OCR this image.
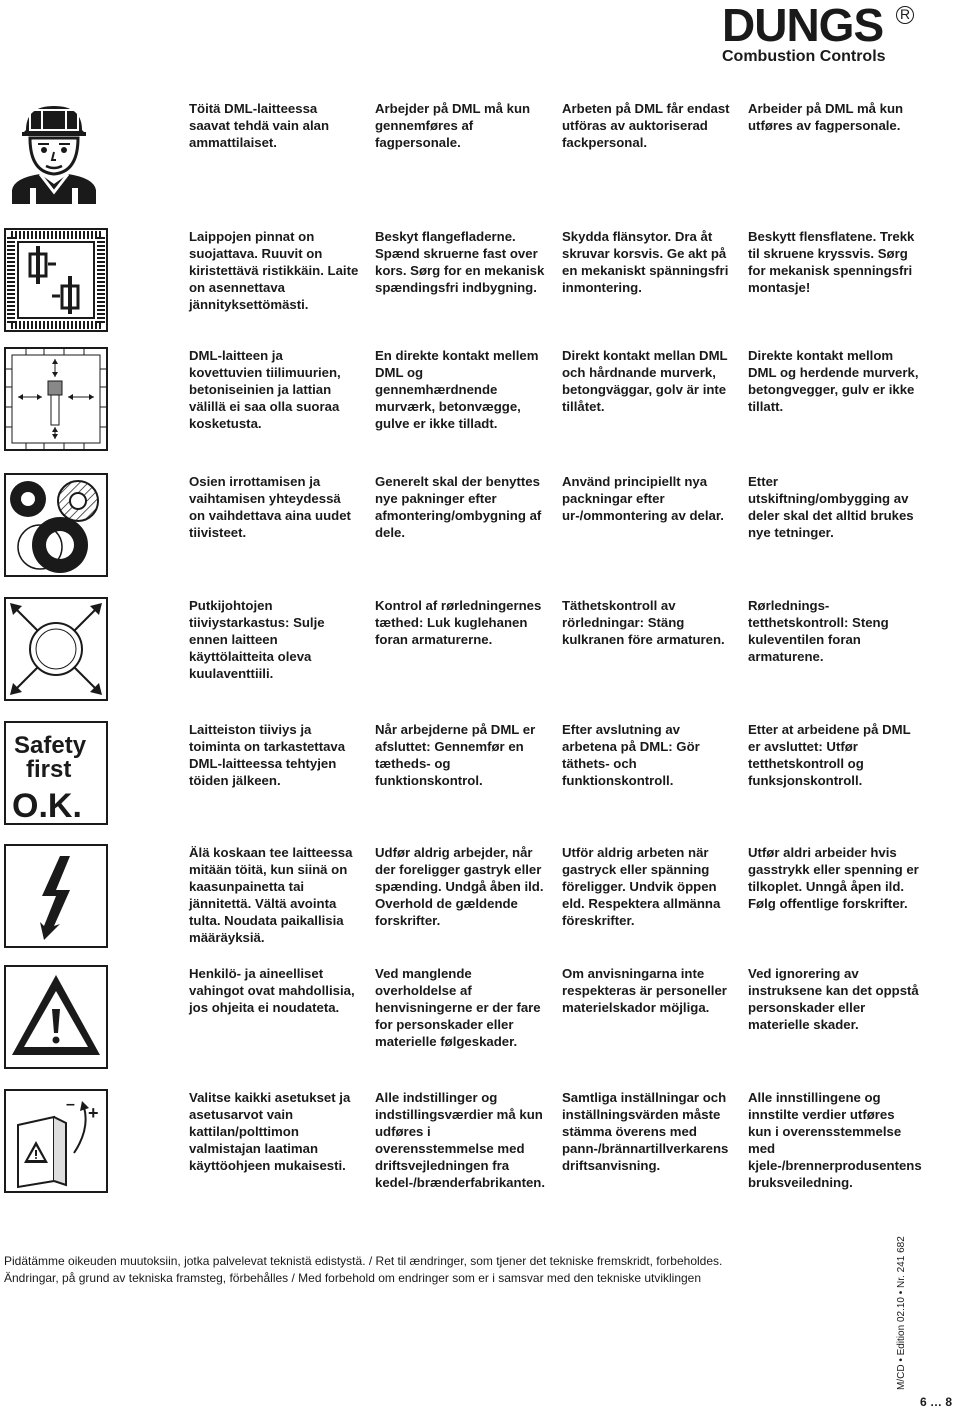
DUNGS	R
Combustion Controls
Töitä DML-laitteessa saavat tehdä vain alan ammattilaiset.
Arbejder på DML må kun gennemføres af fagpersonale.
Arbeten på DML får endast utföras av auktoriserad fackpersonal.
Arbeider på DML må kun utføres av fagpersonale.
Laippojen pinnat on suojattava. Ruuvit on kiristettävä ristikkäin. Laite on asennettava jännityksettömästi.
Beskyt flangefladerne. Spænd skruerne fast over kors. Sørg for en mekanisk spændingsfri indbygning.
Skydda flänsytor. Dra åt skruvar korsvis. Ge akt på en mekaniskt spänningsfri inmontering.
Beskytt flensflatene. Trekk til skruene kryssvis. Sørg for mekanisk spenningsfri montasje!
DML-laitteen ja kovettuvien tiilimuurien, betoniseinien ja lattian välillä ei saa olla suoraa kosketusta.
En direkte kontakt mellem DML og gennemhærdnende murværk, betonvægge, gulve er ikke tilladt.
Direkt kontakt mellan DML och hårdnande murverk, betongväggar, golv är inte tillåtet.
Direkte kontakt mellom DML og herdende murverk, betongvegger, gulv er ikke tillatt.
Osien irrottamisen ja vaihtamisen yhteydessä on vaihdettava aina uudet tiivisteet.
Generelt skal der benyttes nye pakninger efter afmontering/ombygning af dele.
Använd principiellt nya packningar efter ur-/ommontering av delar.
Etter utskiftning/ombygging av deler skal det alltid brukes nye tetninger.
Putkijohtojen tiiviystarkastus: Sulje ennen laitteen käyttölaitteita oleva kuulaventtiili.
Kontrol af rørledningernes tæthed: Luk kuglehanen foran armaturerne.
Täthetskontroll av rörledningar: Stäng kulkranen före armaturen.
Rørlednings-tetthetskontroll: Steng kuleventilen foran armaturene.
Safety
first
O.K.
Laitteiston tiiviys ja toiminta on tarkastettava DML-laitteessa tehtyjen töiden jälkeen.
Når arbejderne på DML er afsluttet: Gennemfør en tætheds- og funktionskontrol.
Efter avslutning av arbetena på DML: Gör täthets- och funktionskontroll.
Etter at arbeidene på DML er avsluttet: Utfør tetthetskontroll og funksjonskontroll.
Älä koskaan tee laitteessa mitään töitä, kun siinä on kaasunpainetta tai jännitettä. Vältä avointa tulta. Noudata paikallisia määräyksiä.
Udfør aldrig arbejder, når der foreligger gastryk eller spænding. Undgå åben ild. Overhold de gældende forskrifter.
Utför aldrig arbeten när gastryck eller spänning föreligger. Undvik öppen eld. Respektera allmänna föreskrifter.
Utfør aldri arbeider hvis gasstrykk eller spenning er tilkoplet. Unngå åpen ild. Følg offentlige forskrifter.
Henkilö- ja aineelliset vahingot ovat mahdollisia, jos ohjeita ei noudateta.
Ved manglende overholdelse af henvisningerne er der fare for personskader eller materielle følgeskader.
Om anvisningarna inte respekteras är personeller materielskador möjliga.
Ved ignorering av instruksene kan det oppstå personskader eller materielle skader.
– +
Valitse kaikki asetukset ja asetusarvot vain kattilan/polttimon valmistajan laatiman käyttöohjeen mukaisesti.
Alle indstillinger og indstillingsværdier må kun udføres i overensstemmelse med driftsvejledningen fra kedel-/brænderfabrikanten.
Samtliga inställningar och inställningsvärden måste stämma överens med pann-/brännartillverkarens driftsanvisning.
Alle innstillingene og innstilte verdier utføres kun i overensstemmelse med kjele-/brennerprodusentens bruksveiledning.
Pidätämme oikeuden muutoksiin, jotka palvelevat teknistä edistystä. / Ret til ændringer, som tjener det tekniske fremskridt, forbeholdes.
Ändringar, på grund av tekniska framsteg, förbehålles / Med forbehold om endringer som er i samsvar med den tekniske utviklingen	M/CD • Edition 02.10 • Nr. 241 682
6 … 8
